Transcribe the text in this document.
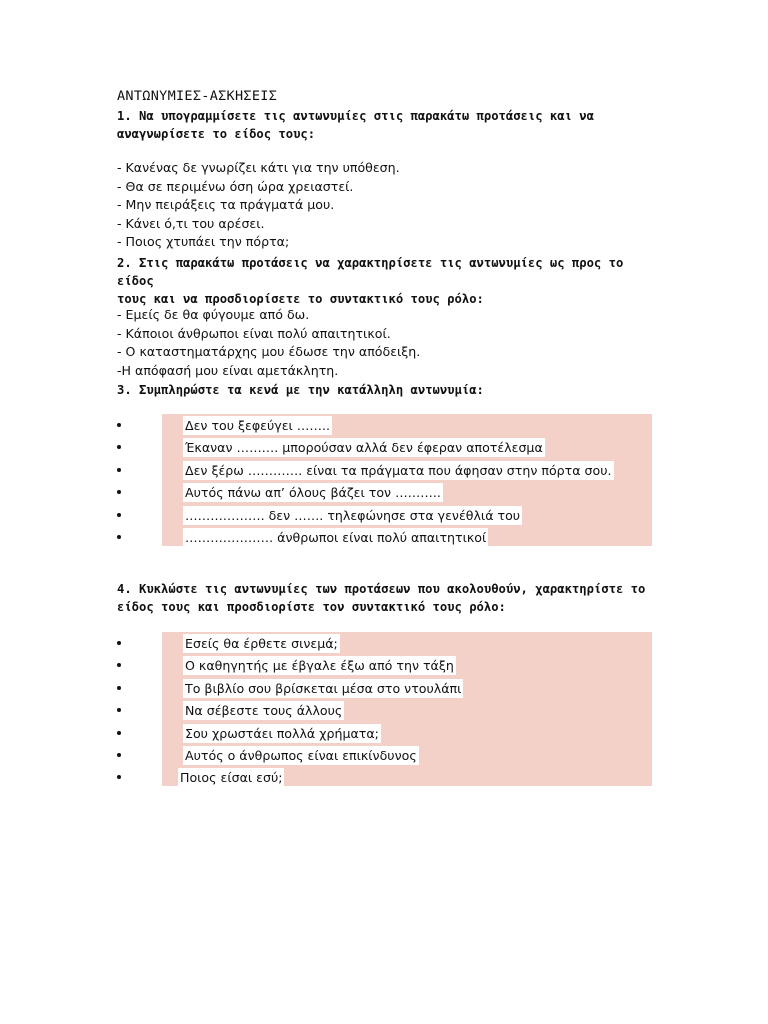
ΑΝΤΩΝΥΜΙΕΣ-ΑΣΚΗΣΕΙΣ
1. Να υπογραμμίσετε τις αντωνυμίες στις παρακάτω προτάσεις και να
αναγνωρίσετε το είδος τους:
- Κανένας δε γνωρίζει κάτι για την υπόθεση.
- Θα σε περιμένω όση ώρα χρειαστεί.
- Μην πειράξεις τα πράγματά μου.
- Κάνει ό,τι του αρέσει.
- Ποιος χτυπάει την πόρτα;
2. Στις παρακάτω προτάσεις να χαρακτηρίσετε τις αντωνυμίες ως προς το είδος
τους και να προσδιορίσετε το συντακτικό τους ρόλο:
- Εμείς δε θα φύγουμε από δω.
- Κάποιοι άνθρωποι είναι πολύ απαιτητικοί.
- Ο καταστηματάρχης μου έδωσε την απόδειξη.
-Η απόφασή μου είναι αμετάκλητη.
3. Συμπληρώστε τα κενά με την κατάλληλη αντωνυμία:
Δεν του ξεφεύγει ……..
Έκαναν ………. μπορούσαν αλλά δεν έφεραν αποτέλεσμα
Δεν ξέρω …………. είναι τα πράγματα που άφησαν στην πόρτα σου.
Αυτός πάνω απ’ όλους βάζει τον ………..
………………. δεν ……. τηλεφώνησε στα γενέθλιά του
………………… άνθρωποι είναι πολύ απαιτητικοί
4. Κυκλώστε τις αντωνυμίες των προτάσεων που ακολουθούν, χαρακτηρίστε το
είδος τους και προσδιορίστε τον συντακτικό τους ρόλο:
Εσείς θα έρθετε σινεμά;
Ο καθηγητής με έβγαλε έξω από την τάξη
Το βιβλίο σου βρίσκεται μέσα στο ντουλάπι
Να σέβεστε τους άλλους
Σου χρωστάει πολλά χρήματα;
Αυτός ο άνθρωπος είναι επικίνδυνος
Ποιος είσαι εσύ;
